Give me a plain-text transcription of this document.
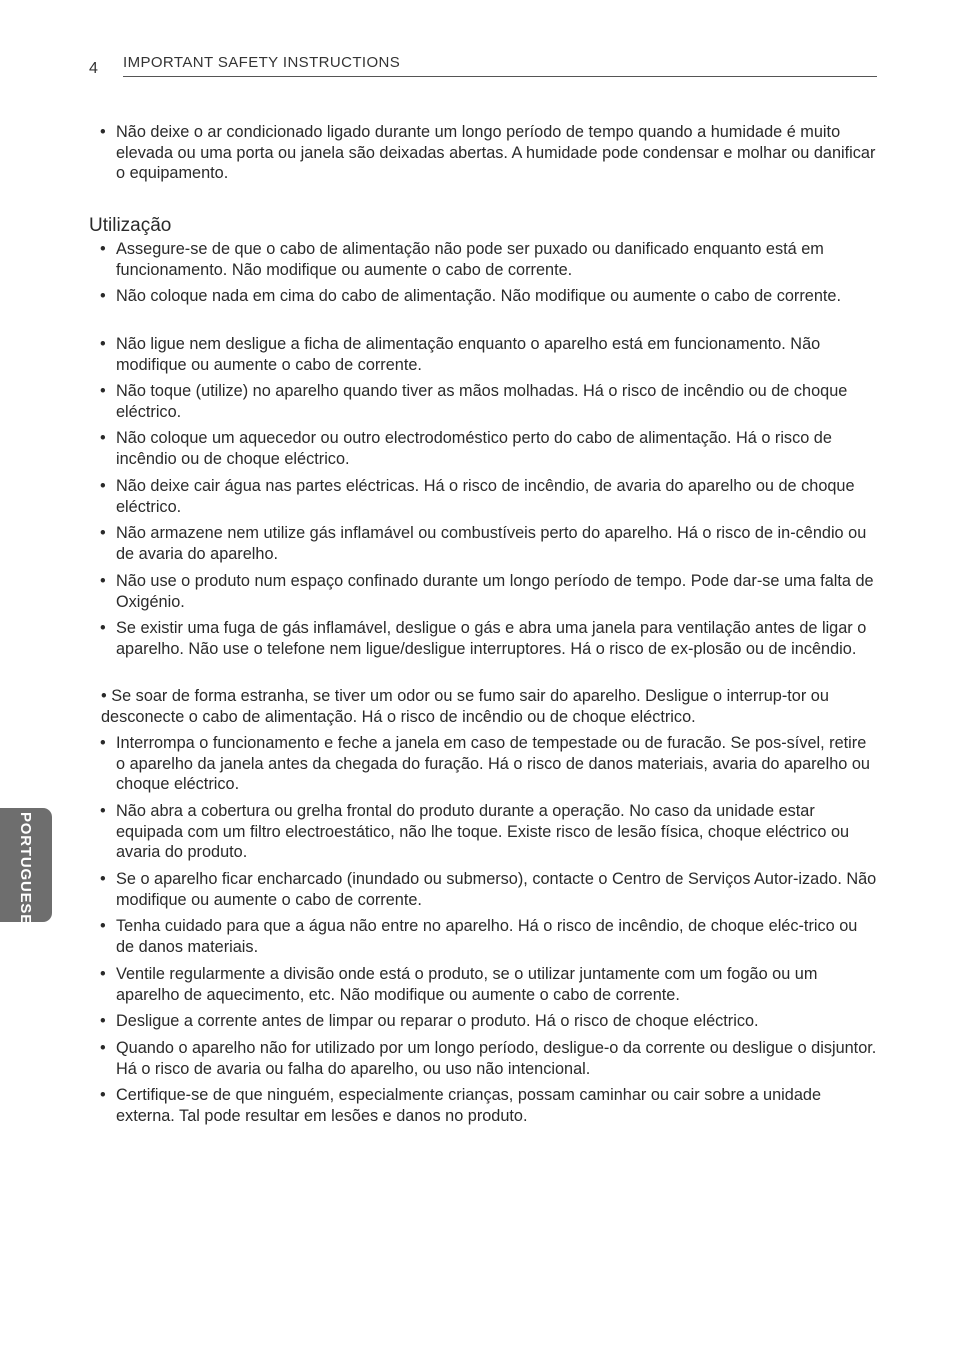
4 IMPORTANT SAFETY INSTRUCTIONS
PORTUGUESE

• Não deixe o ar condicionado ligado durante um longo período de tempo quando a humidade é muito elevada ou uma porta ou janela são deixadas abertas. A humidade pode condensar e molhar ou danificar o equipamento.

Utilização

• Assegure-se de que o cabo de alimentação não pode ser puxado ou danificado enquanto está em funcionamento. Não modifique ou aumente o cabo de corrente.

• Não coloque nada em cima do cabo de alimentação. Não modifique ou aumente o cabo de corrente.

• Não ligue nem desligue a ficha de alimentação enquanto o aparelho está em funcionamento. Não modifique ou aumente o cabo de corrente.

• Não toque (utilize) no aparelho quando tiver as mãos molhadas. Há o risco de incêndio ou de choque eléctrico.

• Não coloque um aquecedor ou outro electrodoméstico perto do cabo de alimentação. Há o risco de incêndio ou de choque eléctrico.

• Não deixe cair água nas partes eléctricas. Há o risco de incêndio, de avaria do aparelho ou de choque eléctrico.

• Não armazene nem utilize gás inflamável ou combustíveis perto do aparelho. Há o risco de in-cêndio ou de avaria do aparelho.

• Não use o produto num espaço confinado durante um longo período de tempo. Pode dar-se uma falta de Oxigénio.

• Se existir uma fuga de gás inflamável, desligue o gás e abra uma janela para ventilação antes de ligar o aparelho. Não use o telefone nem ligue/desligue interruptores. Há o risco de ex-plosão ou de incêndio.

• Se soar de forma estranha, se tiver um odor ou se fumo sair do aparelho. Desligue o interrup-tor ou desconecte o cabo de alimentação. Há o risco de incêndio ou de choque eléctrico.

• Interrompa o funcionamento e feche a janela em caso de tempestade ou de furacão. Se pos-sível, retire o aparelho da janela antes da chegada do furação. Há o risco de danos materiais, avaria do aparelho ou choque eléctrico.

• Não abra a cobertura ou grelha frontal do produto durante a operação. No caso da unidade estar equipada com um filtro electroestático, não lhe toque. Existe risco de lesão física, choque eléctrico ou avaria do produto.

• Se o aparelho ficar encharcado (inundado ou submerso), contacte o Centro de Serviços Autor-izado. Não modifique ou aumente o cabo de corrente.

• Tenha cuidado para que a água não entre no aparelho. Há o risco de incêndio, de choque eléc-trico ou de danos materiais.

• Ventile regularmente a divisão onde está o produto, se o utilizar juntamente com um fogão ou um aparelho de aquecimento, etc. Não modifique ou aumente o cabo de corrente.

• Desligue a corrente antes de limpar ou reparar o produto. Há o risco de choque eléctrico.

• Quando o aparelho não for utilizado por um longo período, desligue-o da corrente ou desligue o disjuntor. Há o risco de avaria ou falha do aparelho, ou uso não intencional.

• Certifique-se de que ninguém, especialmente crianças, possam caminhar ou cair sobre a unidade externa. Tal pode resultar em lesões e danos no produto.
